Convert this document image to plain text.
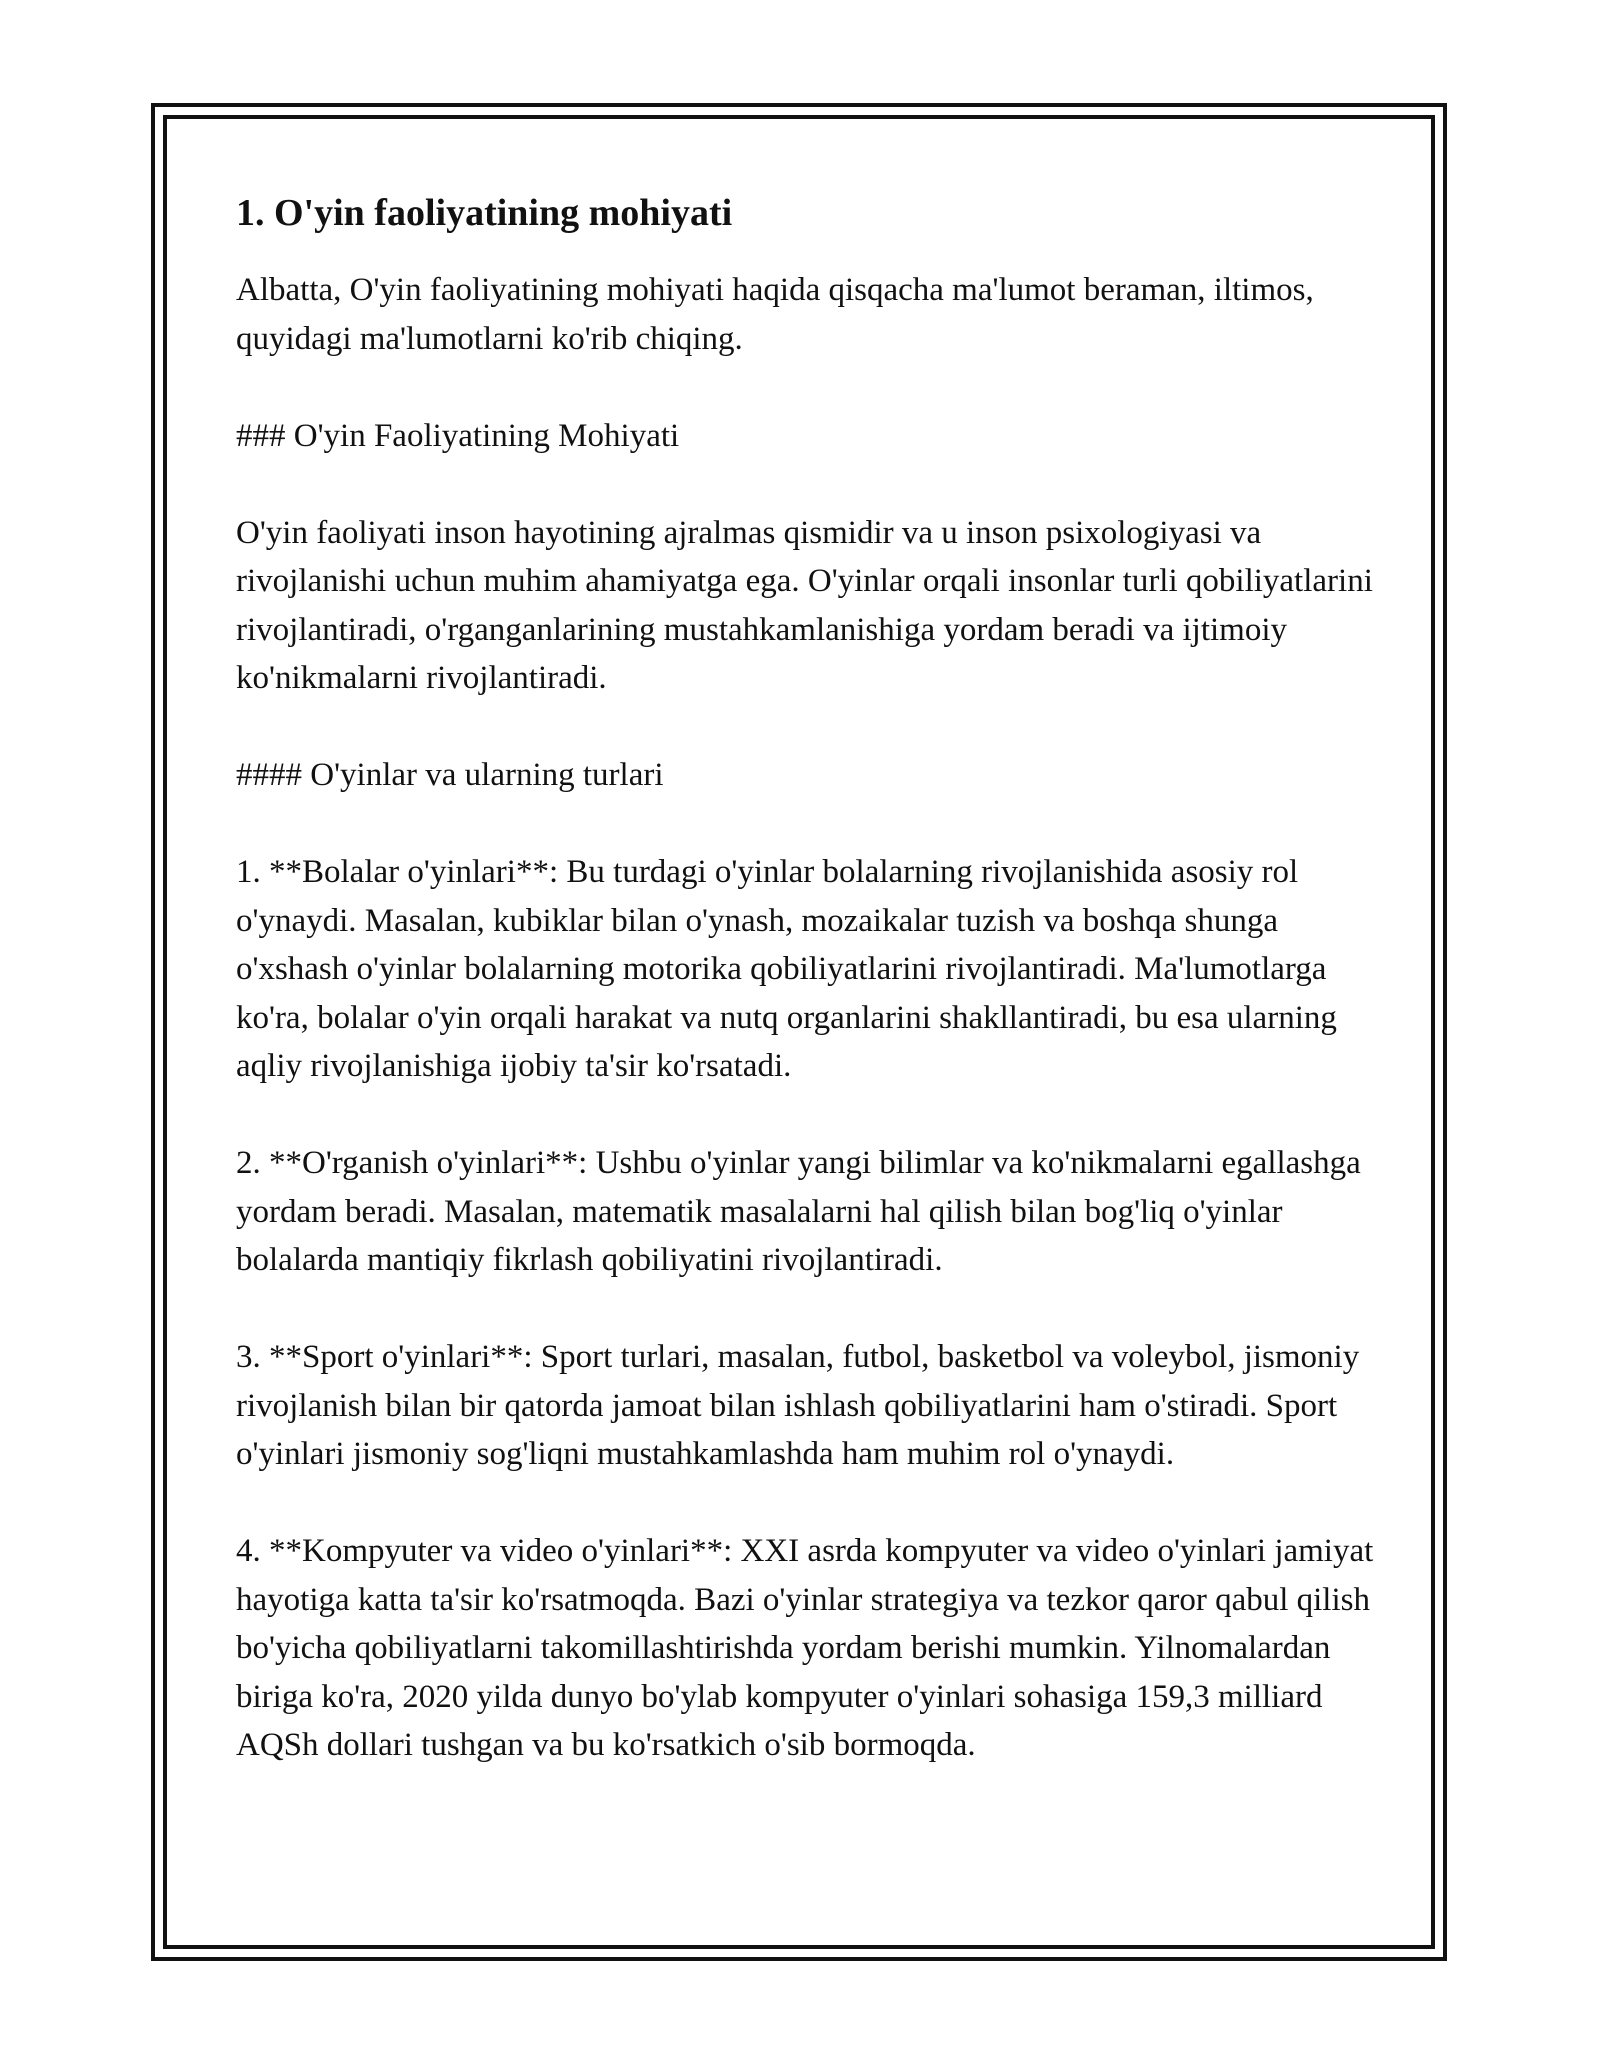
1. O'yin faoliyatining mohiyati

Albatta, O'yin faoliyatining mohiyati haqida qisqacha ma'lumot beraman, iltimos, quyidagi ma'lumotlarni ko'rib chiqing.

### O'yin Faoliyatining Mohiyati

O'yin faoliyati inson hayotining ajralmas qismidir va u inson psixologiyasi va rivojlanishi uchun muhim ahamiyatga ega. O'yinlar orqali insonlar turli qobiliyatlarini rivojlantiradi, o'rganganlarining mustahkamlanishiga yordam beradi va ijtimoiy ko'nikmalarni rivojlantiradi.

#### O'yinlar va ularning turlari

1. **Bolalar o'yinlari**: Bu turdagi o'yinlar bolalarning rivojlanishida asosiy rol o'ynaydi. Masalan, kubiklar bilan o'ynash, mozaikalar tuzish va boshqa shunga o'xshash o'yinlar bolalarning motorika qobiliyatlarini rivojlantiradi. Ma'lumotlarga ko'ra, bolalar o'yin orqali harakat va nutq organlarini shakllantiradi, bu esa ularning aqliy rivojlanishiga ijobiy ta'sir ko'rsatadi.

2. **O'rganish o'yinlari**: Ushbu o'yinlar yangi bilimlar va ko'nikmalarni egallashga yordam beradi. Masalan, matematik masalalarni hal qilish bilan bog'liq o'yinlar bolalarda mantiqiy fikrlash qobiliyatini rivojlantiradi.

3. **Sport o'yinlari**: Sport turlari, masalan, futbol, basketbol va voleybol, jismoniy rivojlanish bilan bir qatorda jamoat bilan ishlash qobiliyatlarini ham o'stiradi. Sport o'yinlari jismoniy sog'liqni mustahkamlashda ham muhim rol o'ynaydi.

4. **Kompyuter va video o'yinlari**: XXI asrda kompyuter va video o'yinlari jamiyat hayotiga katta ta'sir ko'rsatmoqda. Bazi o'yinlar strategiya va tezkor qaror qabul qilish bo'yicha qobiliyatlarni takomillashtirishda yordam berishi mumkin. Yilnomalardan biriga ko'ra, 2020 yilda dunyo bo'ylab kompyuter o'yinlari sohasiga 159,3 milliard AQSh dollari tushgan va bu ko'rsatkich o'sib bormoqda.
